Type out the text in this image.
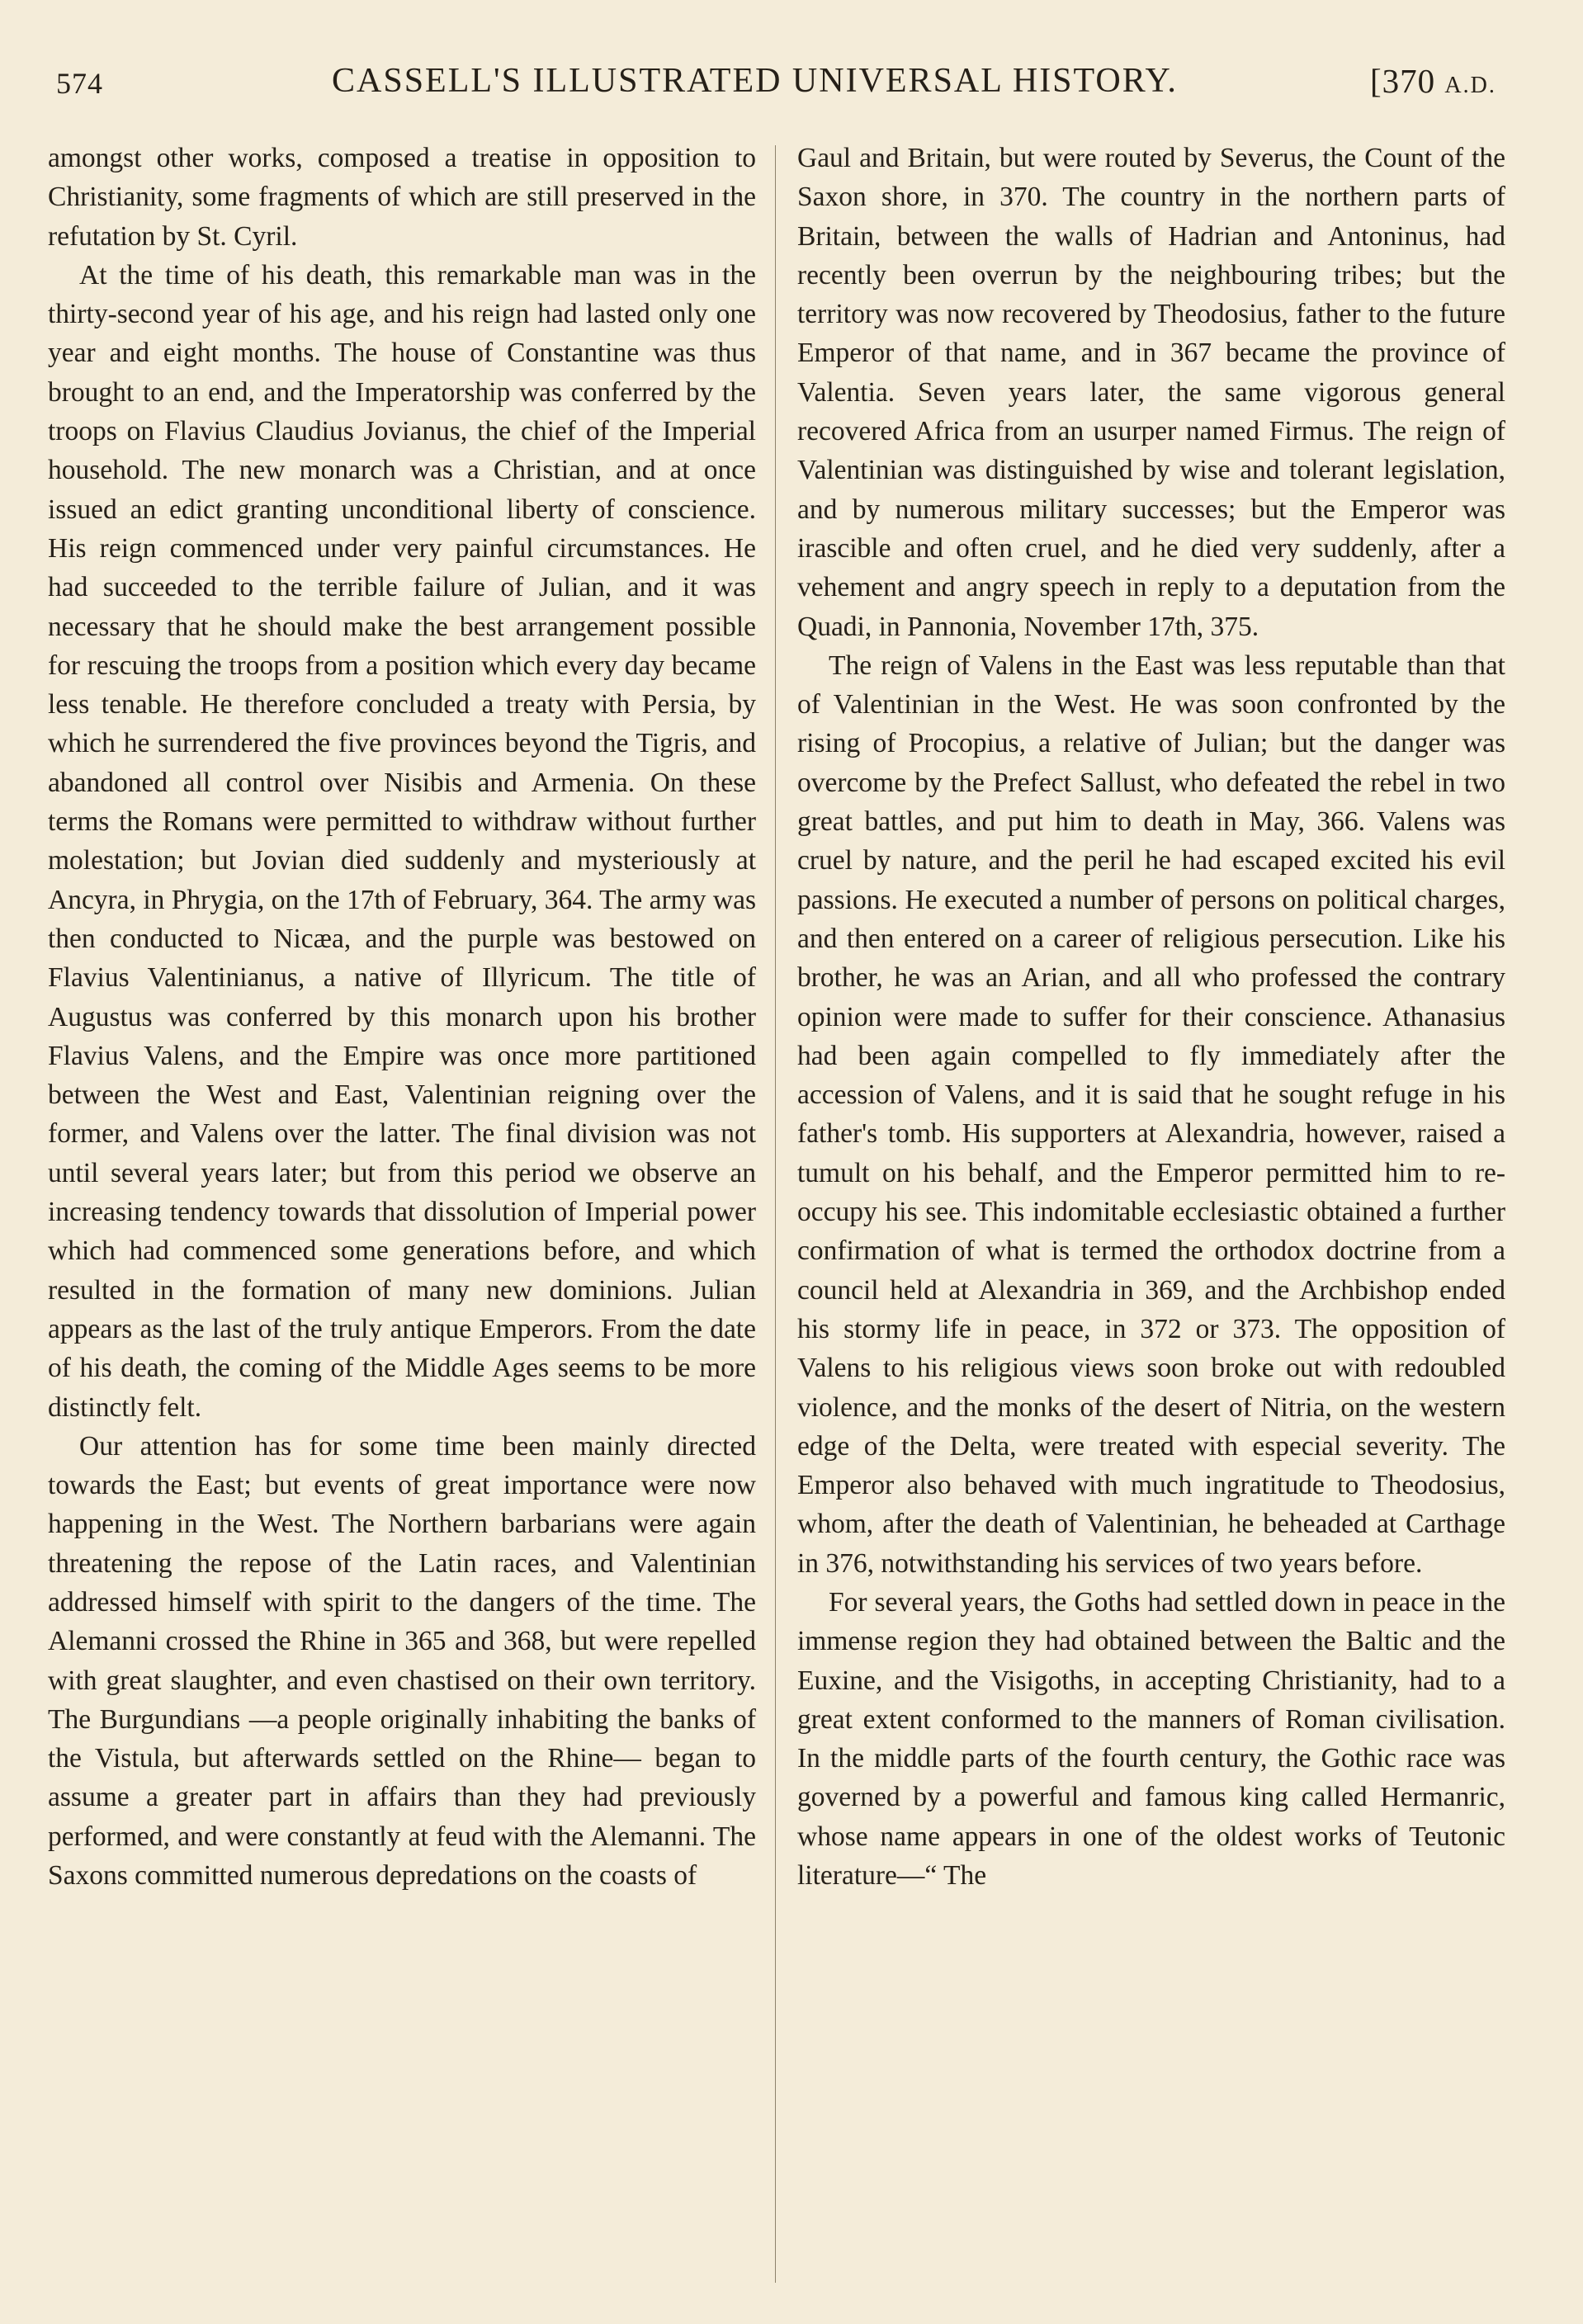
574	CASSELL'S ILLUSTRATED UNIVERSAL HISTORY.	[370 A.D.

amongst other works, composed a treatise in opposition to Christianity, some fragments of which are still preserved in the refutation by St. Cyril.

At the time of his death, this remarkable man was in the thirty-second year of his age, and his reign had lasted only one year and eight months. The house of Constantine was thus brought to an end, and the Imperatorship was conferred by the troops on Flavius Claudius Jovianus, the chief of the Imperial household. The new monarch was a Christian, and at once issued an edict granting unconditional liberty of conscience. His reign commenced under very painful circumstances. He had succeeded to the terrible failure of Julian, and it was necessary that he should make the best arrangement possible for rescuing the troops from a position which every day became less tenable. He therefore concluded a treaty with Persia, by which he surrendered the five provinces beyond the Tigris, and abandoned all control over Nisibis and Armenia. On these terms the Romans were permitted to withdraw without further molestation; but Jovian died suddenly and mysteriously at Ancyra, in Phrygia, on the 17th of February, 364. The army was then conducted to Nicæa, and the purple was bestowed on Flavius Valentinianus, a native of Illyricum. The title of Augustus was conferred by this monarch upon his brother Flavius Valens, and the Empire was once more partitioned between the West and East, Valentinian reigning over the former, and Valens over the latter. The final division was not until several years later; but from this period we observe an increasing tendency towards that dissolution of Imperial power which had commenced some generations before, and which resulted in the formation of many new dominions. Julian appears as the last of the truly antique Emperors. From the date of his death, the coming of the Middle Ages seems to be more distinctly felt.

Our attention has for some time been mainly directed towards the East; but events of great importance were now happening in the West. The Northern barbarians were again threatening the repose of the Latin races, and Valentinian addressed himself with spirit to the dangers of the time. The Alemanni crossed the Rhine in 365 and 368, but were repelled with great slaughter, and even chastised on their own territory. The Burgundians —a people originally inhabiting the banks of the Vistula, but afterwards settled on the Rhine— began to assume a greater part in affairs than they had previously performed, and were constantly at feud with the Alemanni. The Saxons committed numerous depredations on the coasts of

Gaul and Britain, but were routed by Severus, the Count of the Saxon shore, in 370. The country in the northern parts of Britain, between the walls of Hadrian and Antoninus, had recently been overrun by the neighbouring tribes; but the territory was now recovered by Theodosius, father to the future Emperor of that name, and in 367 became the province of Valentia. Seven years later, the same vigorous general recovered Africa from an usurper named Firmus. The reign of Valentinian was distinguished by wise and tolerant legislation, and by numerous military successes; but the Emperor was irascible and often cruel, and he died very suddenly, after a vehement and angry speech in reply to a deputation from the Quadi, in Pannonia, November 17th, 375.

The reign of Valens in the East was less reputable than that of Valentinian in the West. He was soon confronted by the rising of Procopius, a relative of Julian; but the danger was overcome by the Prefect Sallust, who defeated the rebel in two great battles, and put him to death in May, 366. Valens was cruel by nature, and the peril he had escaped excited his evil passions. He executed a number of persons on political charges, and then entered on a career of religious persecution. Like his brother, he was an Arian, and all who professed the contrary opinion were made to suffer for their conscience. Athanasius had been again compelled to fly immediately after the accession of Valens, and it is said that he sought refuge in his father's tomb. His supporters at Alexandria, however, raised a tumult on his behalf, and the Emperor permitted him to re-occupy his see. This indomitable ecclesiastic obtained a further confirmation of what is termed the orthodox doctrine from a council held at Alexandria in 369, and the Archbishop ended his stormy life in peace, in 372 or 373. The opposition of Valens to his religious views soon broke out with redoubled violence, and the monks of the desert of Nitria, on the western edge of the Delta, were treated with especial severity. The Emperor also behaved with much ingratitude to Theodosius, whom, after the death of Valentinian, he beheaded at Carthage in 376, notwithstanding his services of two years before.

For several years, the Goths had settled down in peace in the immense region they had obtained between the Baltic and the Euxine, and the Visigoths, in accepting Christianity, had to a great extent conformed to the manners of Roman civilisation. In the middle parts of the fourth century, the Gothic race was governed by a powerful and famous king called Hermanric, whose name appears in one of the oldest works of Teutonic literature—“ The
